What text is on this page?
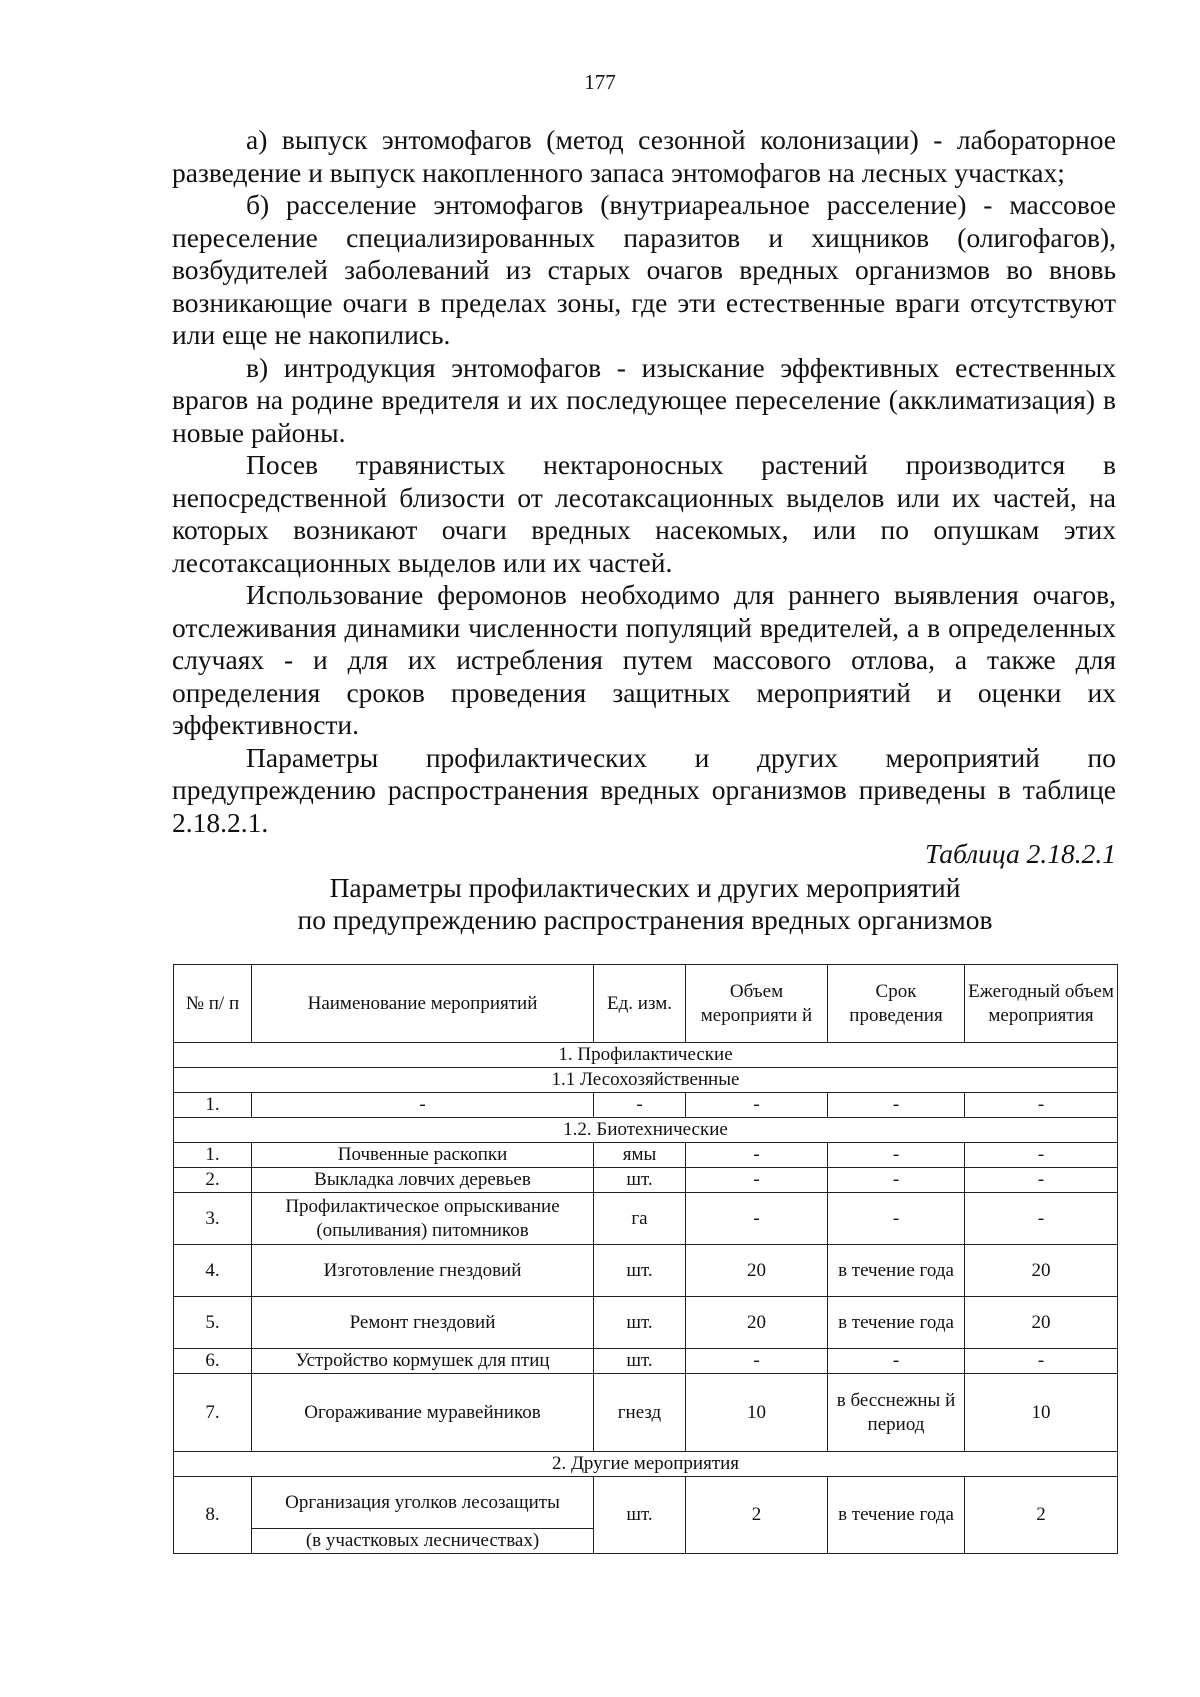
177

а) выпуск энтомофагов (метод сезонной колонизации) - лабораторное разведение и выпуск накопленного запаса энтомофагов на лесных участках;

б) расселение энтомофагов (внутриареальное расселение) - массовое переселение специализированных паразитов и хищников (олигофагов), возбудителей заболеваний из старых очагов вредных организмов во вновь возникающие очаги в пределах зоны, где эти естественные враги отсутствуют или еще не накопились.

в) интродукция энтомофагов - изыскание эффективных естественных врагов на родине вредителя и их последующее переселение (акклиматизация) в новые районы.

Посев травянистых нектароносных растений производится в непосредственной близости от лесотаксационных выделов или их частей, на которых возникают очаги вредных насекомых, или по опушкам этих лесотаксационных выделов или их частей.

Использование феромонов необходимо для раннего выявления очагов, отслеживания динамики численности популяций вредителей, а в определенных случаях - и для их истребления путем массового отлова, а также для определения сроков проведения защитных мероприятий и оценки их эффективности.

Параметры профилактических и других мероприятий по предупреждению распространения вредных организмов приведены в таблице 2.18.2.1.

Таблица 2.18.2.1
Параметры профилактических и других мероприятий
по предупреждению распространения вредных организмов
№ п/ п	Наименование мероприятий	Ед. изм.	Объем мероприяти й	Срок проведения	Ежегодный объем мероприятия
1. Профилактические					
1.1 Лесохозяйственные					
1.	-	-	-	-	-
1.2. Биотехнические					
1.	Почвенные раскопки	ямы	-	-	-
2.	Выкладка ловчих деревьев	шт.	-	-	-
3.	Профилактическое опрыскивание (опыливания) питомников	га	-	-	-
4.	Изготовление гнездовий	шт.	20	в течение года	20
5.	Ремонт гнездовий	шт.	20	в течение года	20
6.	Устройство кормушек для птиц	шт.	-	-	-
7.	Огораживание муравейников	гнезд	10	в бесснежны й период	10
2. Другие мероприятия					
8.	Организация уголков лесозащиты	шт.	2	в течение года	2
	(в участковых лесничествах)				
